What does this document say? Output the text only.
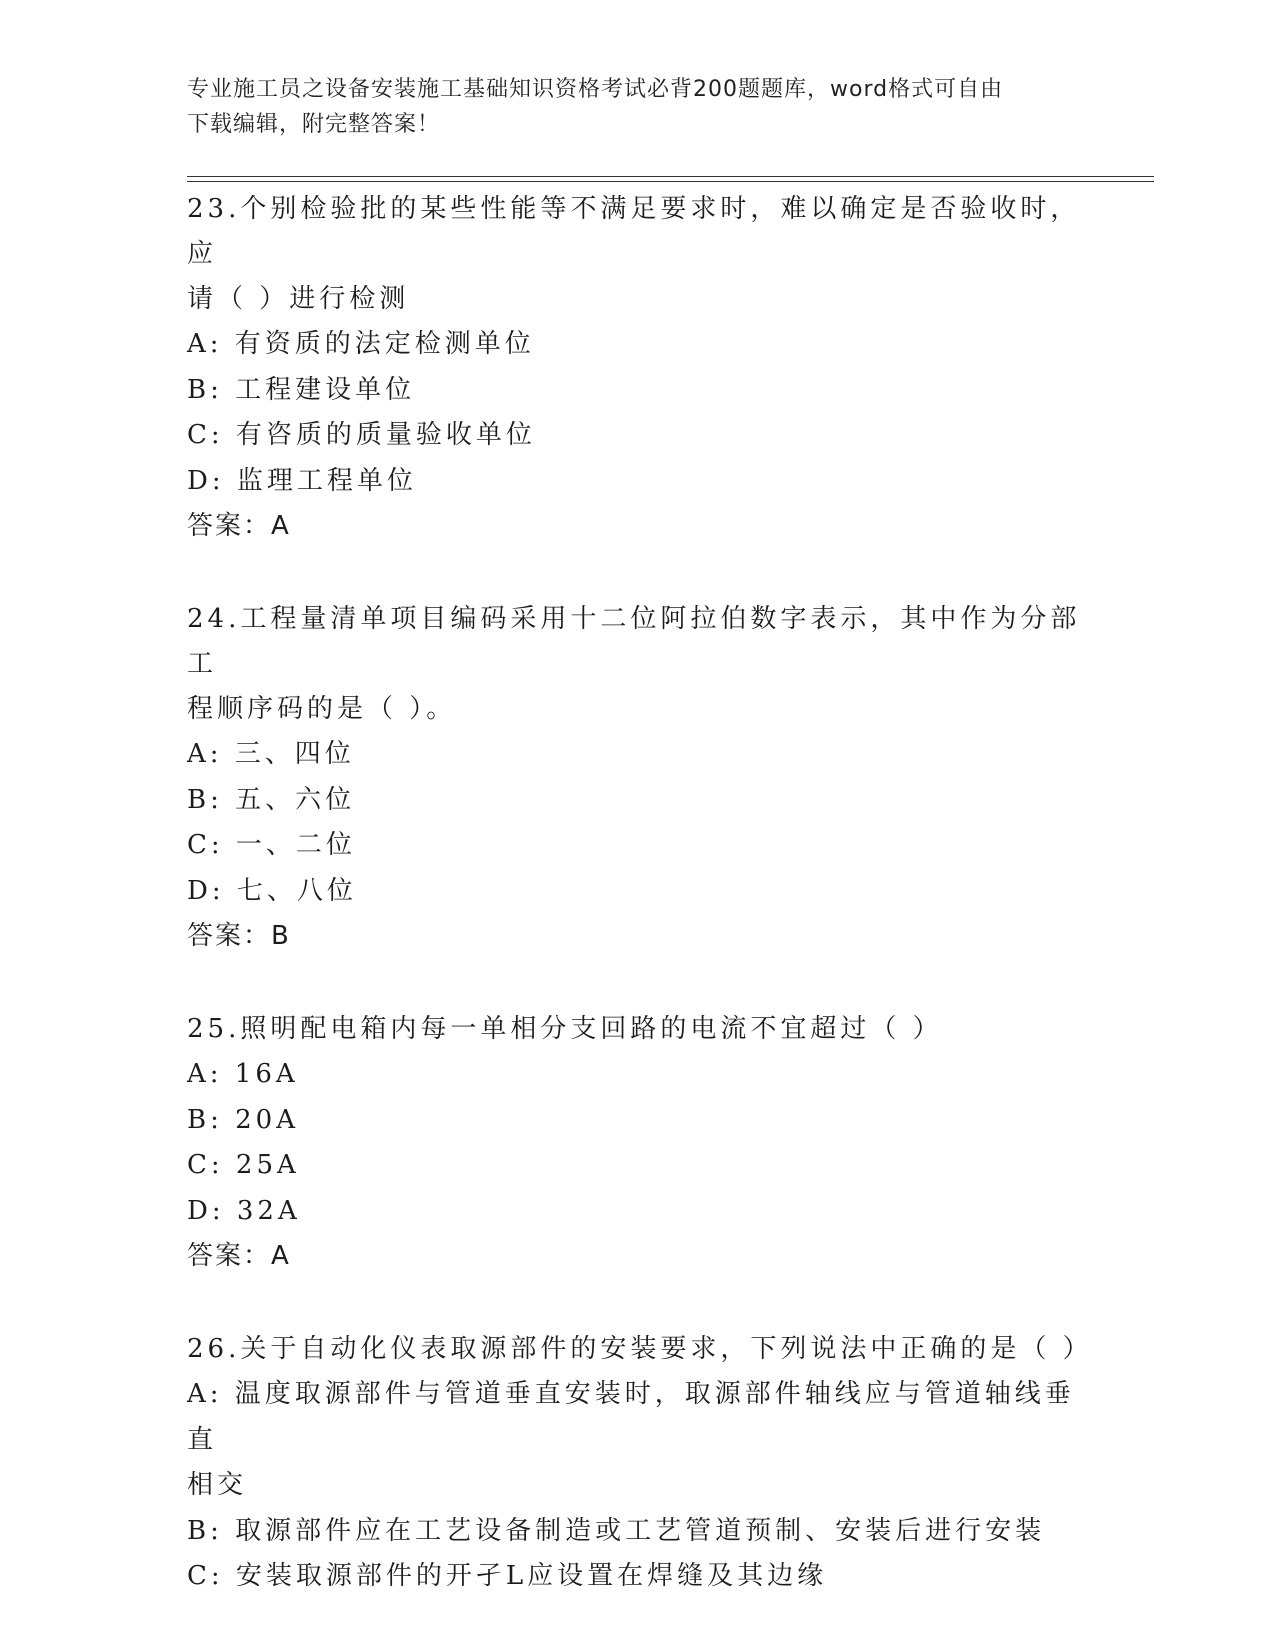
专业施工员之设备安装施工基础知识资格考试必背200题题库，word格式可自由
下载编辑，附完整答案！
23.个别检验批的某些性能等不满足要求时，难以确定是否验收时，应
请（ ）进行检测
A: 有资质的法定检测单位
B: 工程建设单位
C: 有咨质的质量验收单位
D: 监理工程单位
答案：A
24.工程量清单项目编码采用十二位阿拉伯数字表示，其中作为分部工
程顺序码的是（ ）。
A: 三、四位
B: 五、六位
C: 一、二位
D: 七、八位
答案：B
25.照明配电箱内每一单相分支回路的电流不宜超过（ ）
A: 16A
B: 20A
C: 25A
D: 32A
答案：A
26.关于自动化仪表取源部件的安装要求，下列说法中正确的是（ ）
A: 温度取源部件与管道垂直安装时，取源部件轴线应与管道轴线垂直
相交
B: 取源部件应在工艺设备制造或工艺管道预制、安装后进行安装
C: 安装取源部件的开孑L应设置在焊缝及其边缘
